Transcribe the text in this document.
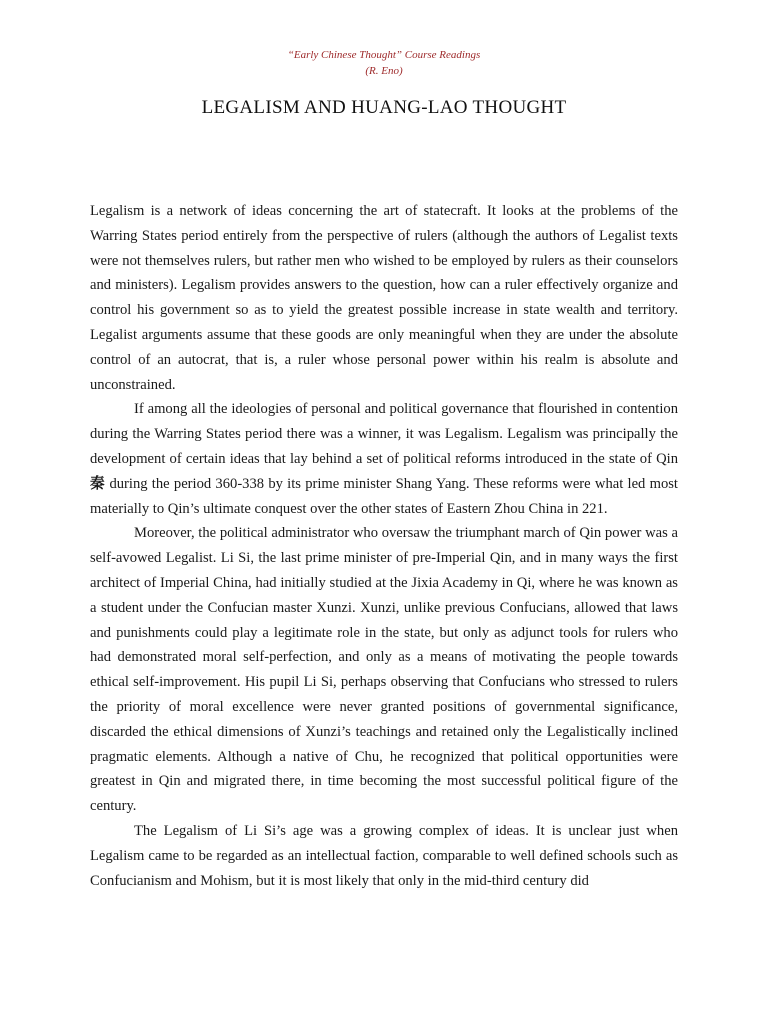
“Early Chinese Thought” Course Readings
(R. Eno)
LEGALISM AND HUANG-LAO THOUGHT

Legalism is a network of ideas concerning the art of statecraft. It looks at the problems of the Warring States period entirely from the perspective of rulers (although the authors of Legalist texts were not themselves rulers, but rather men who wished to be employed by rulers as their counselors and ministers). Legalism provides answers to the question, how can a ruler effectively organize and control his government so as to yield the greatest possible increase in state wealth and territory. Legalist arguments assume that these goods are only meaningful when they are under the absolute control of an autocrat, that is, a ruler whose personal power within his realm is absolute and unconstrained.

If among all the ideologies of personal and political governance that flourished in contention during the Warring States period there was a winner, it was Legalism. Legalism was principally the development of certain ideas that lay behind a set of political reforms introduced in the state of Qin 秦 during the period 360-338 by its prime minister Shang Yang. These reforms were what led most materially to Qin’s ultimate conquest over the other states of Eastern Zhou China in 221.

Moreover, the political administrator who oversaw the triumphant march of Qin power was a self-avowed Legalist. Li Si, the last prime minister of pre-Imperial Qin, and in many ways the first architect of Imperial China, had initially studied at the Jixia Academy in Qi, where he was known as a student under the Confucian master Xunzi. Xunzi, unlike previous Confucians, allowed that laws and punishments could play a legitimate role in the state, but only as adjunct tools for rulers who had demonstrated moral self-perfection, and only as a means of motivating the people towards ethical self-improvement. His pupil Li Si, perhaps observing that Confucians who stressed to rulers the priority of moral excellence were never granted positions of governmental significance, discarded the ethical dimensions of Xunzi’s teachings and retained only the Legalistically inclined pragmatic elements. Although a native of Chu, he recognized that political opportunities were greatest in Qin and migrated there, in time becoming the most successful political figure of the century.

The Legalism of Li Si’s age was a growing complex of ideas. It is unclear just when Legalism came to be regarded as an intellectual faction, comparable to well defined schools such as Confucianism and Mohism, but it is most likely that only in the mid-third century did
